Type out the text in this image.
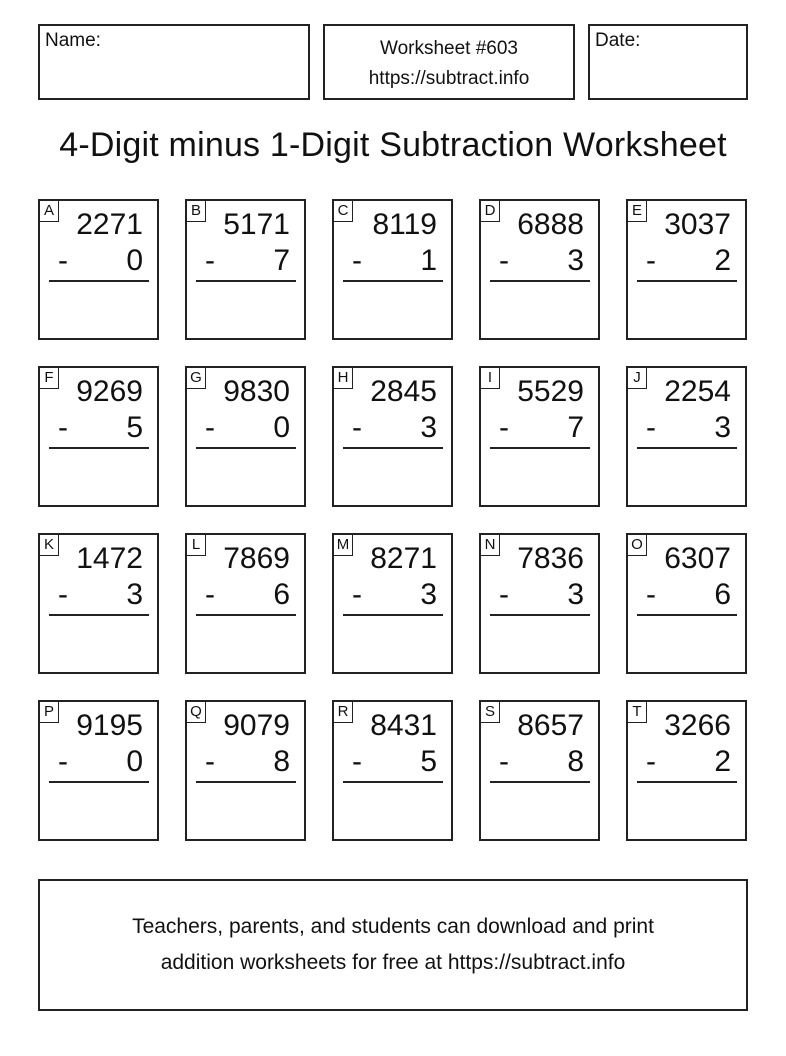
Name:	Worksheet #603
https://subtract.info
Date:
4-Digit minus 1-Digit Subtraction Worksheet
A 2271
- 0
B 5171
- 7
C 8119
- 1
D 6888
- 3
E 3037
- 2
F 9269
- 5
G 9830
- 0
H 2845
- 3
I 5529
- 7
J 2254
- 3
K 1472
- 3
L 7869
- 6
M 8271
- 3
N 7836
- 3
O 6307
- 6
P 9195
- 0
Q 9079
- 8
R 8431
- 5
S 8657
- 8
T 3266
- 2
Teachers, parents, and students can download and print
addition worksheets for free at https://subtract.info
